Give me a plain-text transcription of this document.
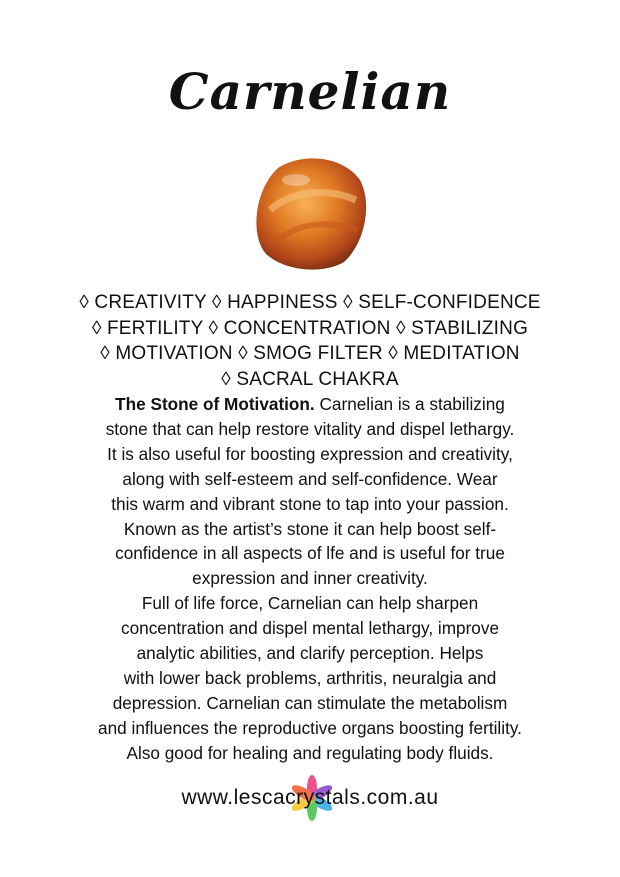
Carnelian
◊ CREATIVITY ◊ HAPPINESS ◊ SELF-CONFIDENCE
◊ FERTILITY ◊ CONCENTRATION ◊ STABILIZING
◊ MOTIVATION ◊ SMOG FILTER ◊ MEDITATION
◊ SACRAL CHAKRA
The Stone of Motivation. Carnelian is a stabilizing
stone that can help restore vitality and dispel lethargy.
It is also useful for boosting expression and creativity,
along with self-esteem and self-confidence. Wear
this warm and vibrant stone to tap into your passion.
Known as the artist’s stone it can help boost self-
confidence in all aspects of lfe and is useful for true
expression and inner creativity.
Full of life force, Carnelian can help sharpen
concentration and dispel mental lethargy, improve
analytic abilities, and clarify perception. Helps
with lower back problems, arthritis, neuralgia and
depression. Carnelian can stimulate the metabolism
and influences the reproductive organs boosting fertility.
Also good for healing and regulating body fluids.
www.lescacrystals.com.au
